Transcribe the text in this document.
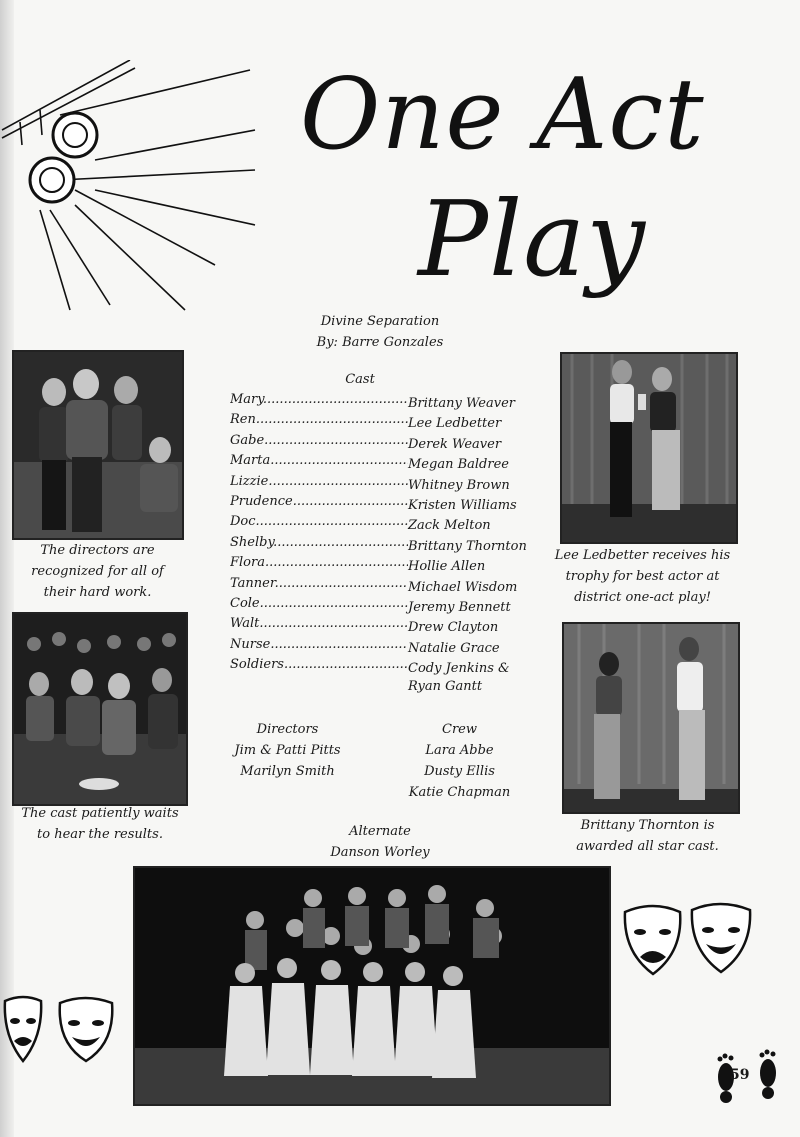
One Act
Play
Divine Separation
By: Barre Gonzales
Cast
Mary .....	Brittany Weaver
Ren .....	Lee Ledbetter
Gabe .....	Derek Weaver
Marta .....	Megan Baldree
Lizzie .....	Whitney Brown
Prudence .....	Kristen Williams
Doc .....	Zack Melton
Shelby .....	Brittany Thornton
Flora .....	Hollie Allen
Tanner .....	Michael Wisdom
Cole .....	Jeremy Bennett
Walt .....	Drew Clayton
Nurse .....	Natalie Grace
Soldiers .....	Cody Jenkins &
Ryan Gantt
Directors
Jim & Patti Pitts
Marilyn Smith
Crew
Lara Abbe
Dusty Ellis
Katie Chapman
Alternate
Danson Worley
The directors are
recognized for all of
their hard work.
The cast patiently waits
to hear the results.
Lee Ledbetter receives his
trophy for best actor at
district one-act play!
Brittany Thornton is
awarded all star cast.
59
